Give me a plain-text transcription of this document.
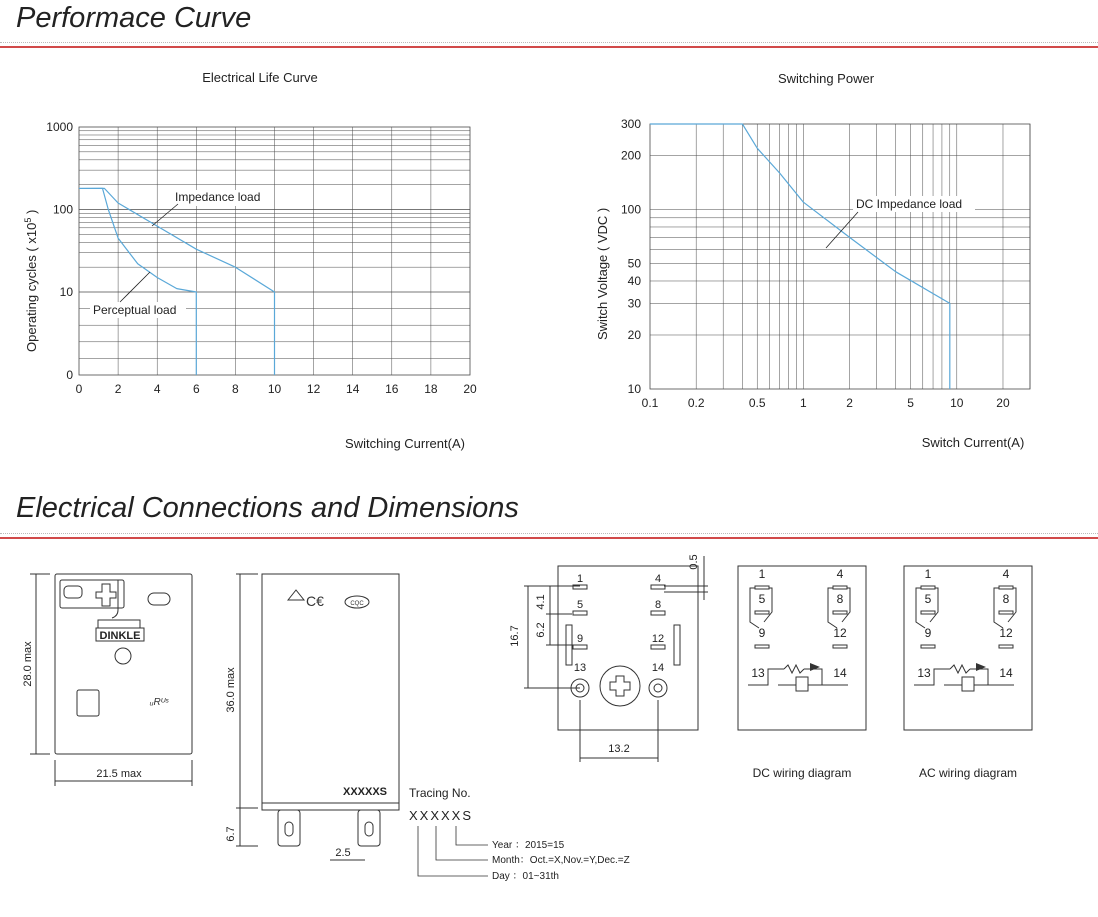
Performace Curve
Electrical Connections and Dimensions
Electrical Life Curve
0	2	4	6	8 10 12 14 16 18 20
0
10
100
1000
Switching Current(A)
Operating cycles ( $x10^5$ )
Impedance load
Perceptual load
Switching Power
0.1 0.2	0.5	1	2	5	10	20
10
20
30
40
50
100
200
300
Switch Current(A)
Switch Voltage ( VDC )
DC Impedance load
ᵤRᵁˢ
DINKLE
21.5 max
28.0 max
C€	CQC
XXXXXS
36.0 max
6.7
2.5
Tracing No.
XXXXXS
Year ：2015=15
Month：Oct.=X,Nov.=Y,Dec.=Z
Day ：01~31th
1	4
5	8
9	12
13	14
13.2
16.7
4.1
6.2
0.5
1	4
5	8
9	12
13	14
1	4
5	8
9	12
13	14
DC wiring diagram	AC wiring diagram
